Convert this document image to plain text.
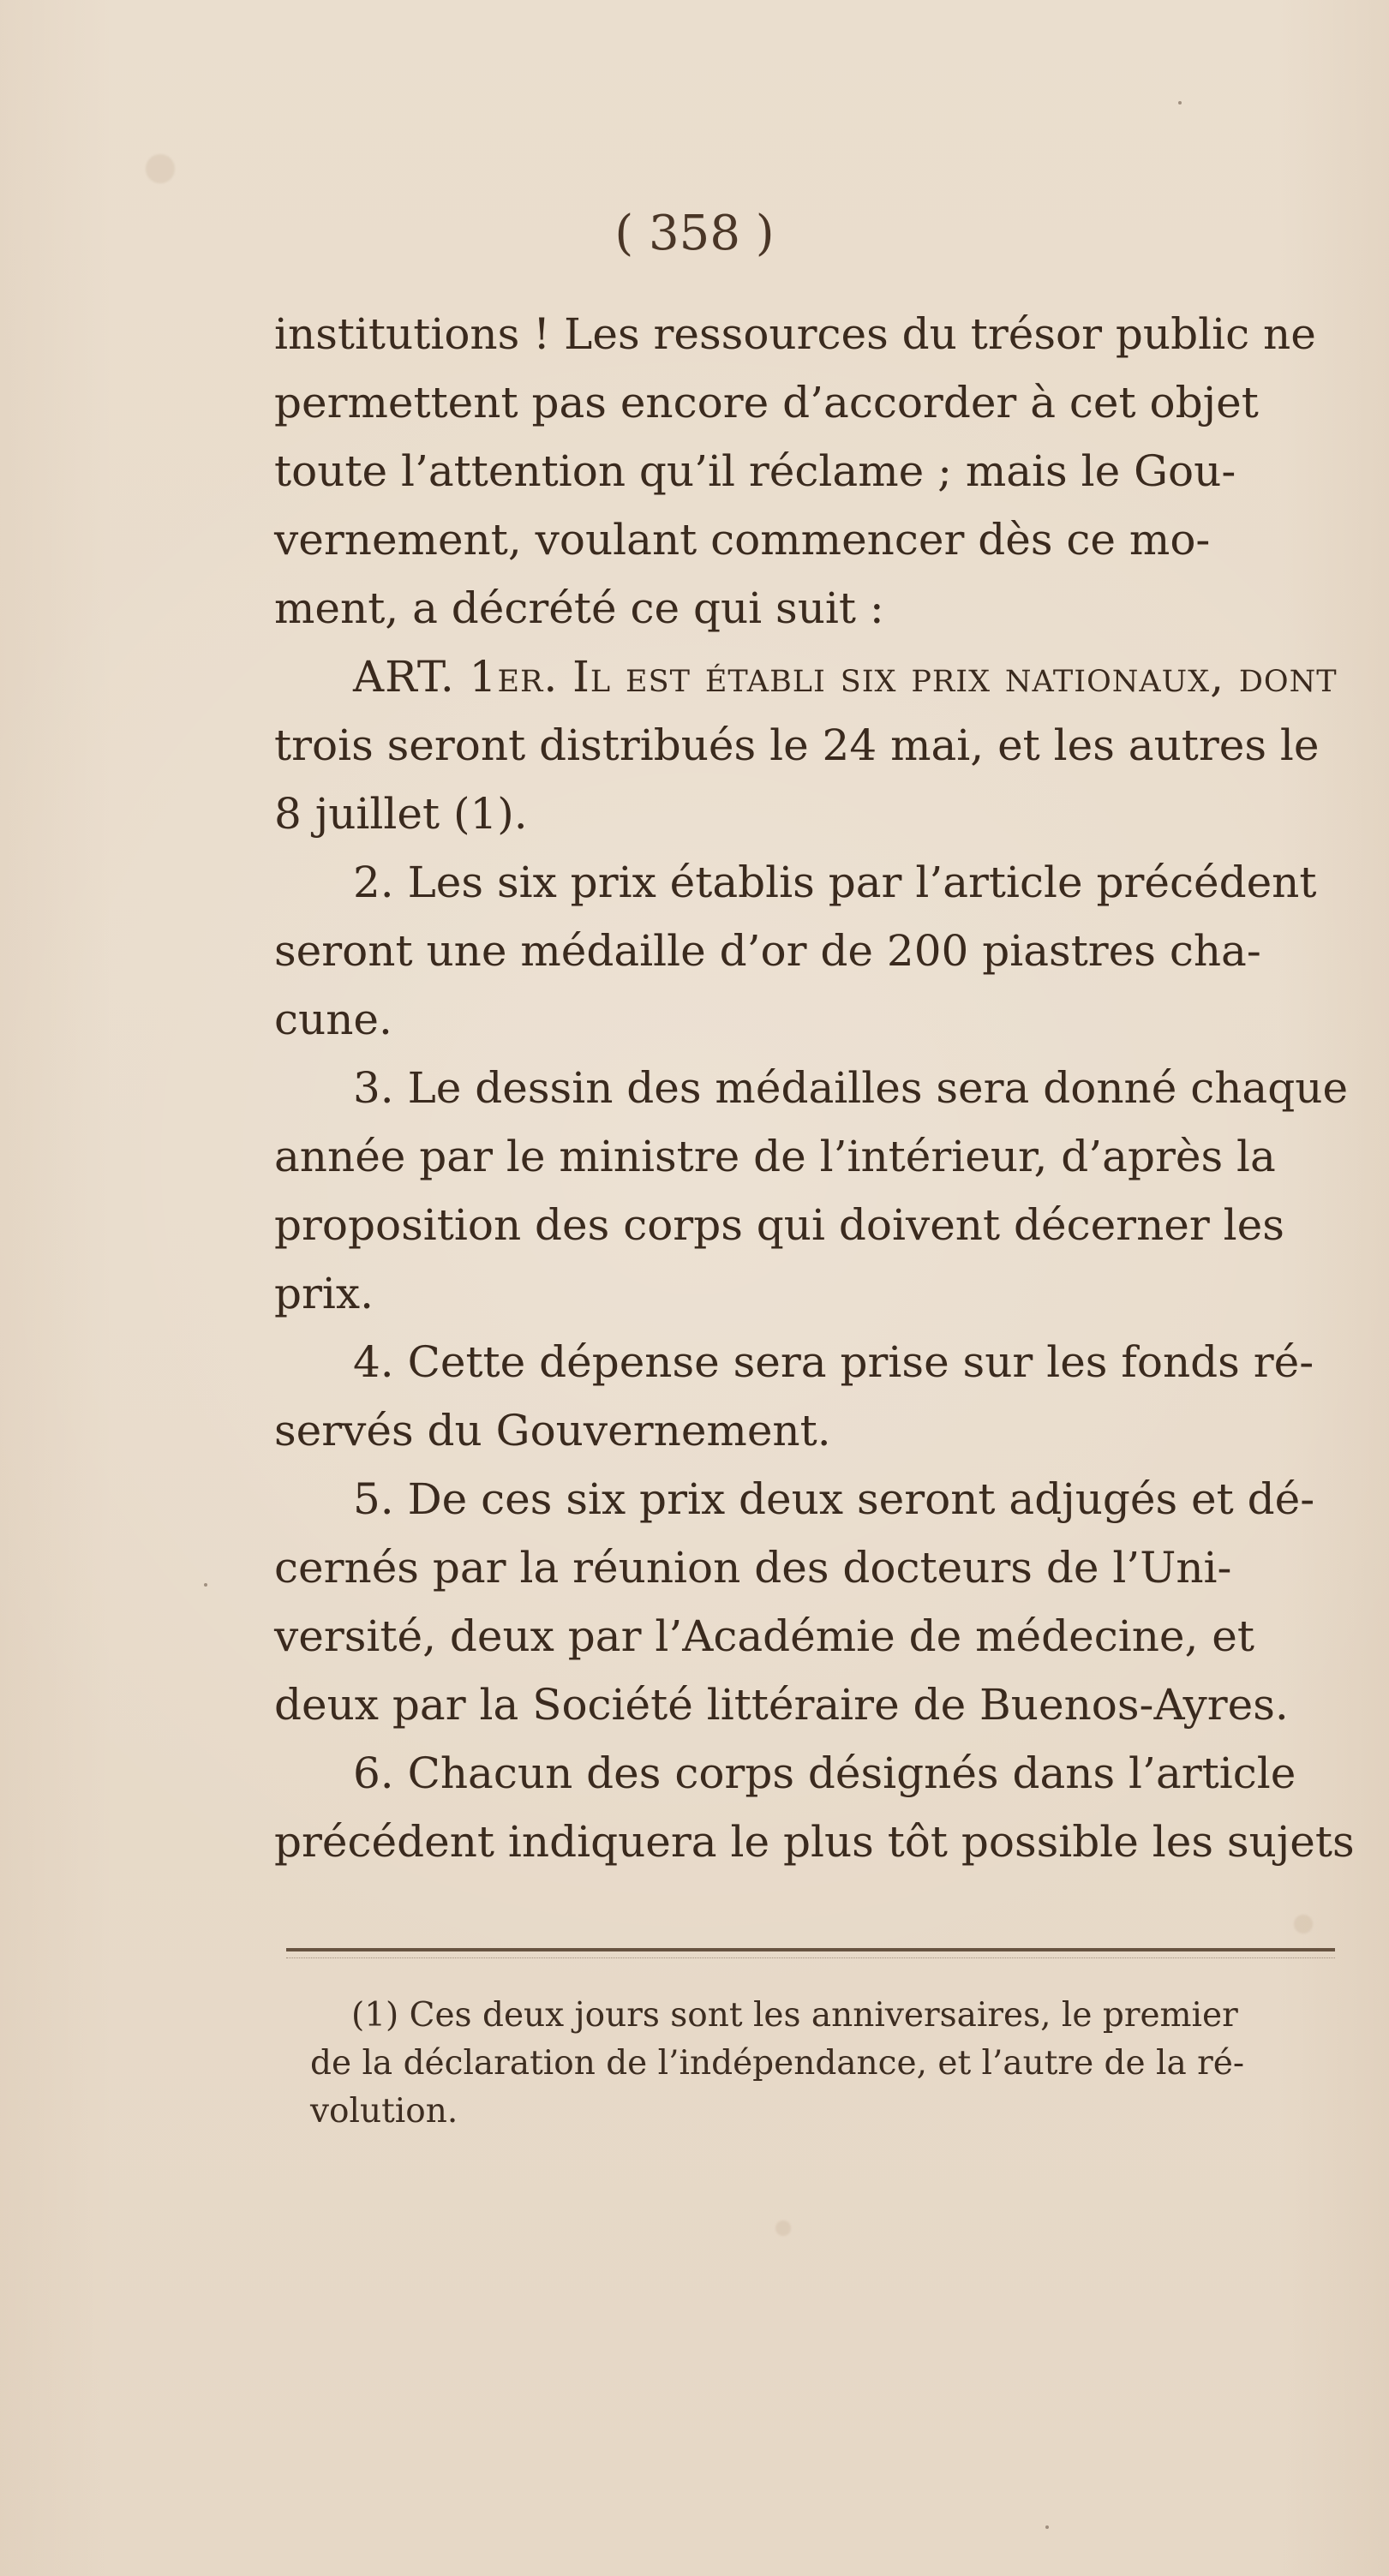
( 358 )
institutions ! Les ressources du trésor public ne
permettent pas encore d’accorder à cet objet
toute l’attention qu’il réclame ; mais le Gou-
vernement, voulant commencer dès ce mo-
ment, a décrété ce qui suit :
ART. 1er. Il est établi six prix nationaux, dont
trois seront distribués le 24 mai, et les autres le
8 juillet (1).
2. Les six prix établis par l’article précédent
seront une médaille d’or de 200 piastres cha-
cune.
3. Le dessin des médailles sera donné chaque
année par le ministre de l’intérieur, d’après la
proposition des corps qui doivent décerner les
prix.
4. Cette dépense sera prise sur les fonds ré-
servés du Gouvernement.
5. De ces six prix deux seront adjugés et dé-
cernés par la réunion des docteurs de l’Uni-
versité, deux par l’Académie de médecine, et
deux par la Société littéraire de Buenos-Ayres.
6. Chacun des corps désignés dans l’article
précédent indiquera le plus tôt possible les sujets
(1) Ces deux jours sont les anniversaires, le premier
de la déclaration de l’indépendance, et l’autre de la ré-
volution.
